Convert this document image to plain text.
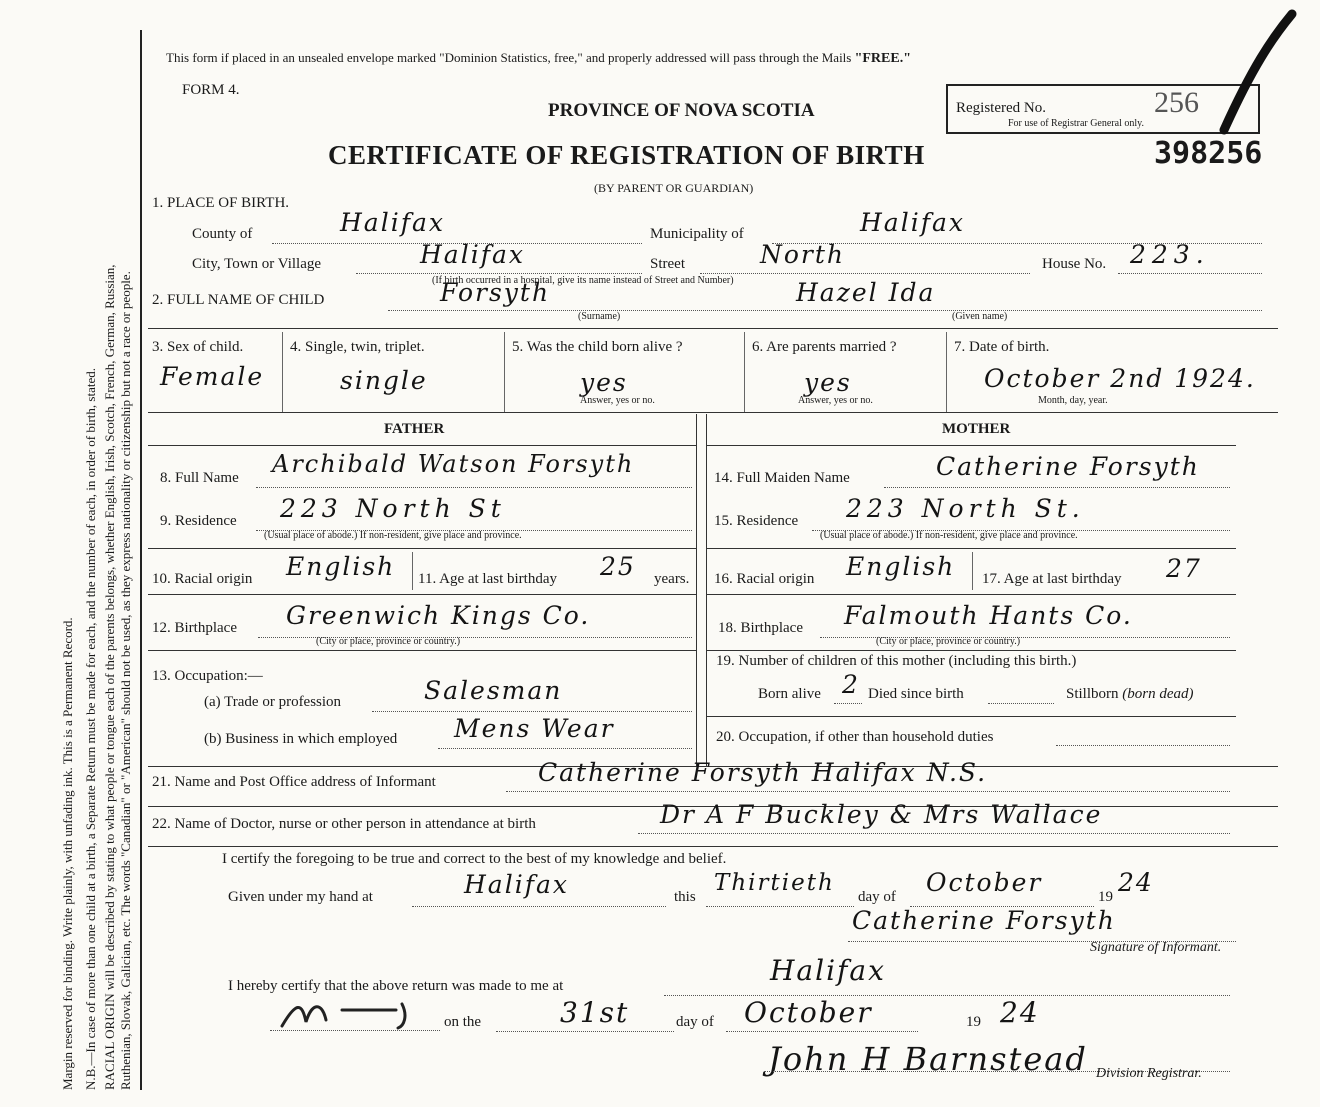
Margin reserved for binding. Write plainly, with unfading ink. This is a Permanent Record. N.B.—In case of more than one child at a birth, a Separate Return must be made for each, and the number of each, in order of birth, stated. RACIAL ORIGIN will be described by stating to what people or tongue each of the parents belongs, whether English, Irish, Scotch, French, German, Russian, Ruthenian, Slovak, Galician, etc. The words "Canadian" or "American" should not be used, as they express nationality or citizenship but not a race or people.
This form if placed in an unsealed envelope marked "Dominion Statistics, free," and properly addressed will pass through the Mails "FREE."
FORM 4.
PROVINCE OF NOVA SCOTIA	Registered No.	256
For use of Registrar General only.
CERTIFICATE OF REGISTRATION OF BIRTH	398256
(BY PARENT OR GUARDIAN)
1. PLACE OF BIRTH.
County of	Halifax	Municipality of	Halifax
City, Town or Village	Halifax
(If birth occurred in a hospital, give its name instead of Street and Number)
Street	North	House No. 223.
2. FULL NAME OF CHILD	Forsyth
(Surname)
Hazel Ida
(Given name)
3. Sex of child.
Female
4. Single, twin, triplet.
single
5. Was the child born alive ?
yes
Answer, yes or no.
6. Are parents married ?
yes
Answer, yes or no.
7. Date of birth.
October 2nd 1924.
Month, day, year.
FATHER	MOTHER
8. Full Name Archibald Watson Forsyth	14. Full Maiden Name	Catherine Forsyth
9. Residence 223 North St
(Usual place of abode.) If non-resident, give place and province.
15. Residence 223 North St.
(Usual place of abode.) If non-resident, give place and province.
10. Racial origin English 11. Age at last birthday 25 years. 16. Racial origin English 17. Age at last birthday 27
12. Birthplace Greenwich Kings Co.
(City or place, province or country.)
18. Birthplace Falmouth Hants Co.
(City or place, province or country.)
13. Occupation:—
(a) Trade or profession	Salesman
(b) Business in which employed Mens Wear
19. Number of children of this mother (including this birth.)
Born alive 2 Died since birth	Stillborn (born dead)
20. Occupation, if other than household duties
21. Name and Post Office address of Informant	Catherine Forsyth Halifax N.S.
22. Name of Doctor, nurse or other person in attendance at birth	Dr A F Buckley & Mrs Wallace
I certify the foregoing to be true and correct to the best of my knowledge and belief.
Given under my hand at	Halifax	this
Thirtieth
day of October	19 24
Catherine Forsyth
Signature of Informant.
I hereby certify that the above return was made to me at	Halifax
on the	31st	day of October	19 24
John H Barnstead Division Registrar.
